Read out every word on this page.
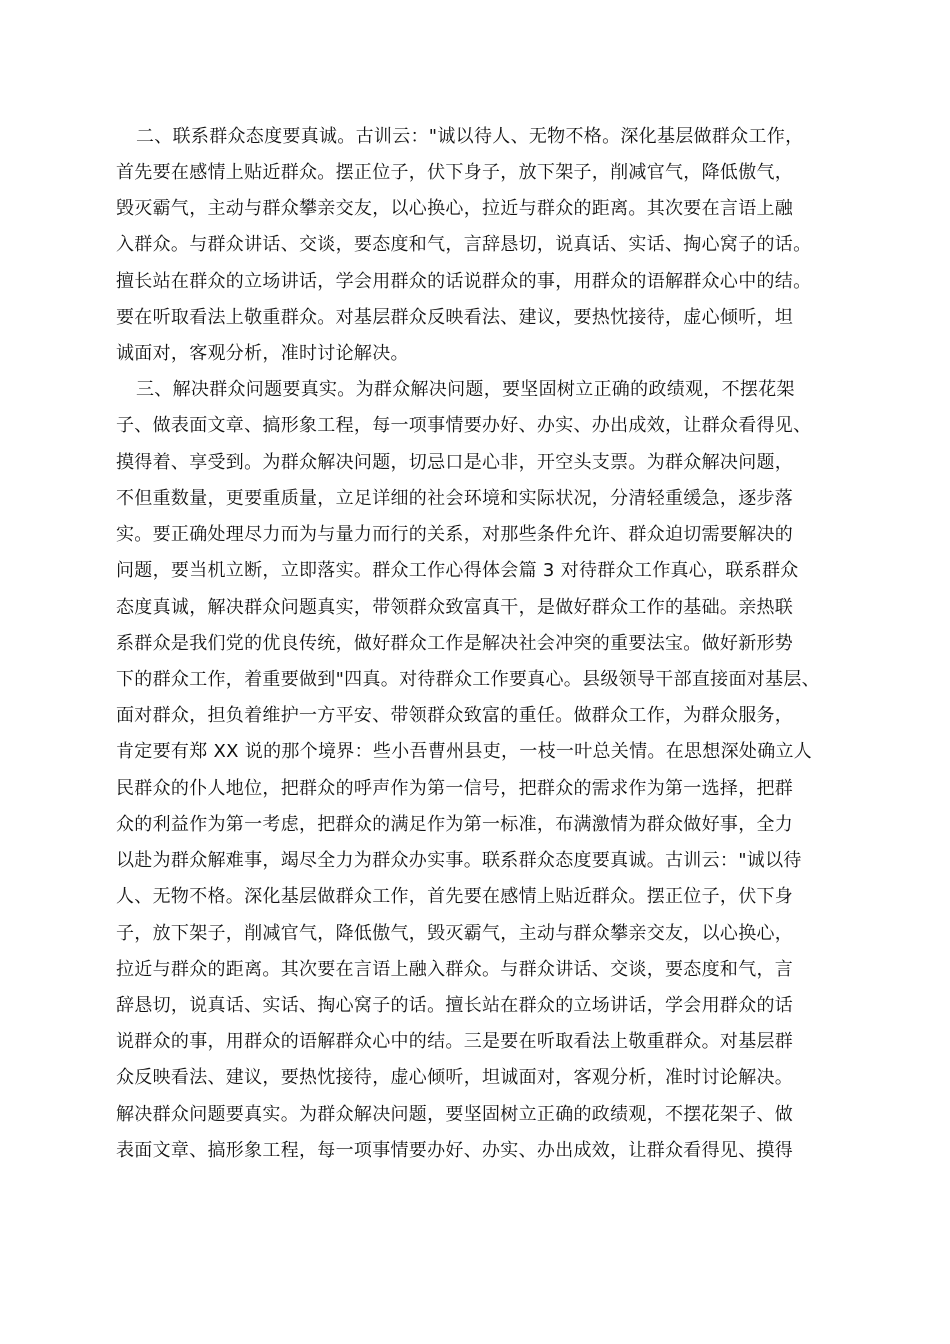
二、联系群众态度要真诚。古训云："诚以待人、无物不格。深化基层做群众工作，
首先要在感情上贴近群众。摆正位子，伏下身子，放下架子，削减官气，降低傲气，
毁灭霸气，主动与群众攀亲交友，以心换心，拉近与群众的距离。其次要在言语上融
入群众。与群众讲话、交谈，要态度和气，言辞恳切，说真话、实话、掏心窝子的话。
擅长站在群众的立场讲话，学会用群众的话说群众的事，用群众的语解群众心中的结。
要在听取看法上敬重群众。对基层群众反映看法、建议，要热忱接待，虚心倾听，坦
诚面对，客观分析，准时讨论解决。
三、解决群众问题要真实。为群众解决问题，要坚固树立正确的政绩观，不摆花架
子、做表面文章、搞形象工程，每一项事情要办好、办实、办出成效，让群众看得见、
摸得着、享受到。为群众解决问题，切忌口是心非，开空头支票。为群众解决问题，
不但重数量，更要重质量，立足详细的社会环境和实际状况，分清轻重缓急，逐步落
实。要正确处理尽力而为与量力而行的关系，对那些条件允许、群众迫切需要解决的
问题，要当机立断，立即落实。群众工作心得体会篇 3 对待群众工作真心，联系群众
态度真诚，解决群众问题真实，带领群众致富真干，是做好群众工作的基础。亲热联
系群众是我们党的优良传统，做好群众工作是解决社会冲突的重要法宝。做好新形势
下的群众工作，着重要做到"四真。对待群众工作要真心。县级领导干部直接面对基层、
面对群众，担负着维护一方平安、带领群众致富的重任。做群众工作，为群众服务，
肯定要有郑 XX 说的那个境界：些小吾曹州县吏，一枝一叶总关情。在思想深处确立人
民群众的仆人地位，把群众的呼声作为第一信号，把群众的需求作为第一选择，把群
众的利益作为第一考虑，把群众的满足作为第一标准，布满激情为群众做好事，全力
以赴为群众解难事，竭尽全力为群众办实事。联系群众态度要真诚。古训云："诚以待
人、无物不格。深化基层做群众工作，首先要在感情上贴近群众。摆正位子，伏下身
子，放下架子，削减官气，降低傲气，毁灭霸气，主动与群众攀亲交友，以心换心，
拉近与群众的距离。其次要在言语上融入群众。与群众讲话、交谈，要态度和气，言
辞恳切，说真话、实话、掏心窝子的话。擅长站在群众的立场讲话，学会用群众的话
说群众的事，用群众的语解群众心中的结。三是要在听取看法上敬重群众。对基层群
众反映看法、建议，要热忱接待，虚心倾听，坦诚面对，客观分析，准时讨论解决。
解决群众问题要真实。为群众解决问题，要坚固树立正确的政绩观，不摆花架子、做
表面文章、搞形象工程，每一项事情要办好、办实、办出成效，让群众看得见、摸得
